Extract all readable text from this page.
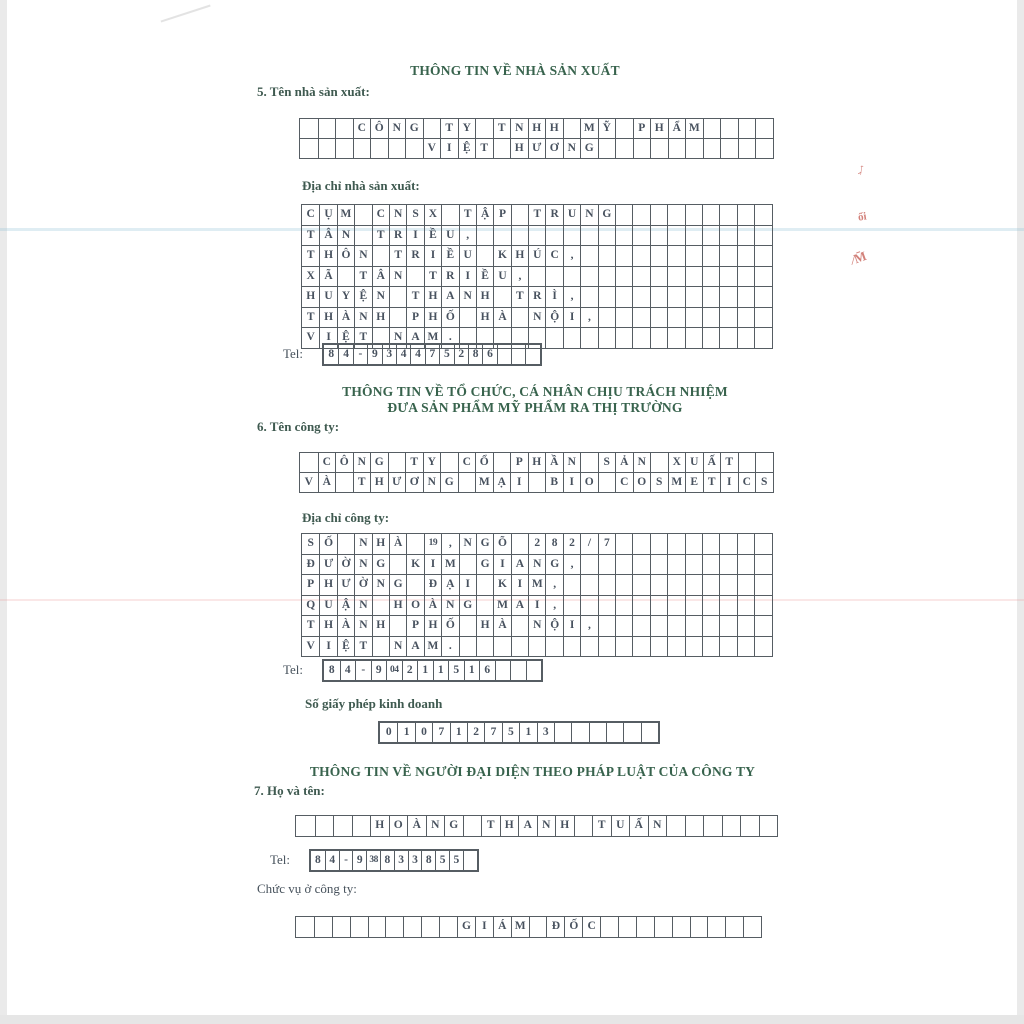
THÔNG TIN VỀ NHÀ SẢN XUẤT
5. Tên nhà sản xuất:
C Ô N G	T Y	T N H H	M Ỹ	P H Ẩ M
V I Ệ T	H Ư Ơ N G
Địa chỉ nhà sản xuất:
C Ụ M	C N S X	T Ậ P	T R U N G
T Â N	T R I Ề U	,
T H Ô N	T R I Ề U	K H Ú C	,
X Ã	T Â N	T R I Ề U	,
H U Y Ệ N	T H A N H	T R Ì	,
T H À N H	P H Ố	H À	N Ộ I	,
V	I Ệ T	N A M .
Tel:	8 4 - 9 3 4 4 7 5 2 8 6
THÔNG TIN VỀ TỔ CHỨC, CÁ NHÂN CHỊU TRÁCH NHIỆM
ĐƯA SẢN PHẨM MỸ PHẨM RA THỊ TRƯỜNG
6. Tên công ty:
C Ô N G	T Y	C Ổ	P H Ầ N	S Ả N	X U Ấ T
V À	T H Ư Ơ N G	M Ạ I	B I O	C O S M E T I C S
Địa chỉ công ty:
S Ố	N H À	19	,	N G Õ	2	8	2	/	7
Đ Ư Ờ N G	K I M	G I A N G ,
P H Ư Ờ N G	Đ Ạ I	K I M ,
Q U Ậ N	H O À N G	M A I	,
T H À N H	P H Ố	H À	N Ộ I	,
V	I Ệ T	N A M .
Tel:	8 4 - 9 04 2 1 1 5 1 6
Số giấy phép kinh doanh
0	1	0	7	1	2	7	5	1	3
THÔNG TIN VỀ NGƯỜI ĐẠI DIỆN THEO PHÁP LUẬT CỦA CÔNG TY
7. Họ và tên:
H O À N G	T H A N H	T U Ấ N
Tel:	8 4 - 9 38 8 3 3 8 5 5
Chức vụ ở công ty:
G I Á M	Đ Ố C
˗⁄ˋ
ổi
⁄M̄
